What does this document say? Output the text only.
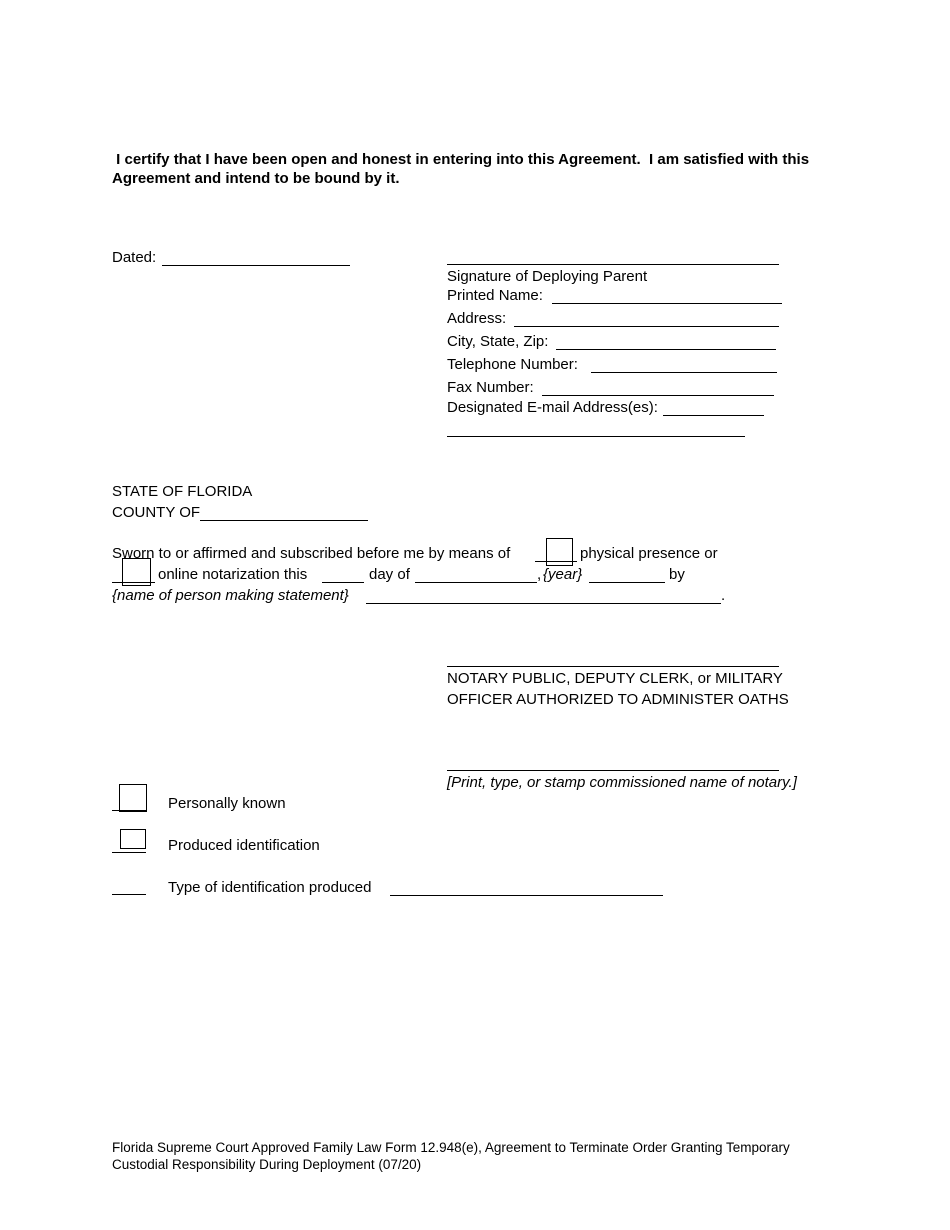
I certify that I have been open and honest in entering into this Agreement.  I am satisfied with this
Agreement and intend to be bound by it.
Dated:
Signature of Deploying Parent
Printed Name:
Address:
City, State, Zip:
Telephone Number:
Fax Number:
Designated E-mail Address(es):
STATE OF FLORIDA
COUNTY OF
Sworn to or affirmed and subscribed before me by means of	physical presence or
online notarization this	day of	, {year}	by
{name of person making statement}	.
NOTARY PUBLIC, DEPUTY CLERK, or MILITARY
OFFICER AUTHORIZED TO ADMINISTER OATHS
[Print, type, or stamp commissioned name of notary.]
Personally known
Produced identification
Type of identification produced
Florida Supreme Court Approved Family Law Form 12.948(e), Agreement to Terminate Order Granting Temporary
Custodial Responsibility During Deployment (07/20)
